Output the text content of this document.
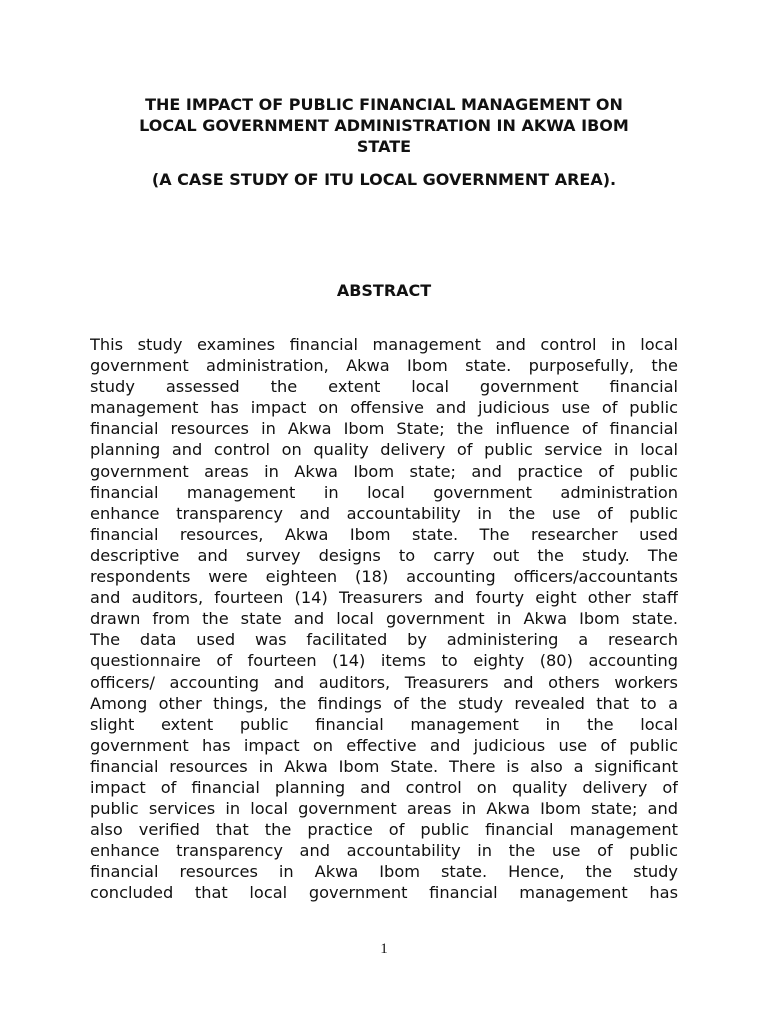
THE IMPACT OF PUBLIC FINANCIAL MANAGEMENT ON
LOCAL GOVERNMENT ADMINISTRATION IN AKWA IBOM
STATE
(A CASE STUDY OF ITU LOCAL GOVERNMENT AREA).
ABSTRACT
This study examines financial management and control in local
government administration, Akwa Ibom state. purposefully, the
study assessed the extent local government financial
management has impact on offensive and judicious use of public
financial resources in Akwa Ibom State; the influence of financial
planning and control on quality delivery of public service in local
government areas in Akwa Ibom state; and practice of public
financial management in local government administration
enhance transparency and accountability in the use of public
financial resources, Akwa Ibom state. The researcher used
descriptive and survey designs to carry out the study. The
respondents were eighteen (18) accounting officers/accountants
and auditors, fourteen (14) Treasurers and fourty eight other staff
drawn from the state and local government in Akwa Ibom state.
The data used was facilitated by administering a research
questionnaire of fourteen (14) items to eighty (80) accounting
officers/ accounting and auditors, Treasurers and others workers
Among other things, the findings of the study revealed that to a
slight extent public financial management in the local
government has impact on effective and judicious use of public
financial resources in Akwa Ibom State. There is also a significant
impact of financial planning and control on quality delivery of
public services in local government areas in Akwa Ibom state; and
also verified that the practice of public financial management
enhance transparency and accountability in the use of public
financial resources in Akwa Ibom state. Hence, the study
concluded that local government financial management has
1
